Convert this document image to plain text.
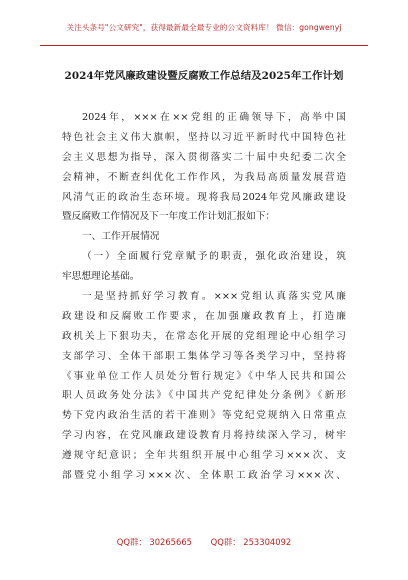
关注头条号"公文研究"，获得最新最全最专业的公文资料库！ 微信：gongwenyj
2024年党风廉政建设暨反腐败工作总结及2025年工作计划
2024年，×××在××党组的正确领导下，高举中国
特色社会主义伟大旗帜，坚持以习近平新时代中国特色社
会主义思想为指导，深入贯彻落实二十届中央纪委二次全
会精神，不断查纠优化工作作风，为我局高质量发展营造
风清气正的政治生态环境。现将我局2024年党风廉政建设
暨反腐败工作情况及下一年度工作计划汇报如下：
一、工作开展情况
（一）全面履行党章赋予的职责，强化政治建设，筑
牢思想理论基础。
一是坚持抓好学习教育。×××党组认真落实党风廉
政建设和反腐败工作要求，在加强廉政教育上，打造廉
政机关上下狠功夫，在常态化开展的党组理论中心组学习
支部学习、全体干部职工集体学习等各类学习中，坚持将
《事业单位工作人员处分暂行规定》《中华人民共和国公
职人员政务处分法》《中国共产党纪律处分条例》《新形
势下党内政治生活的若干准则》等党纪党规纳入日常重点
学习内容，在党风廉政建设教育月将持续深入学习，树牢
遵规守纪意识；全年共组织开展中心组学习×××次、支
部暨党小组学习×××次、全体职工政治学习×××次、
QQ群： 30265665 QQ群： 253304092
